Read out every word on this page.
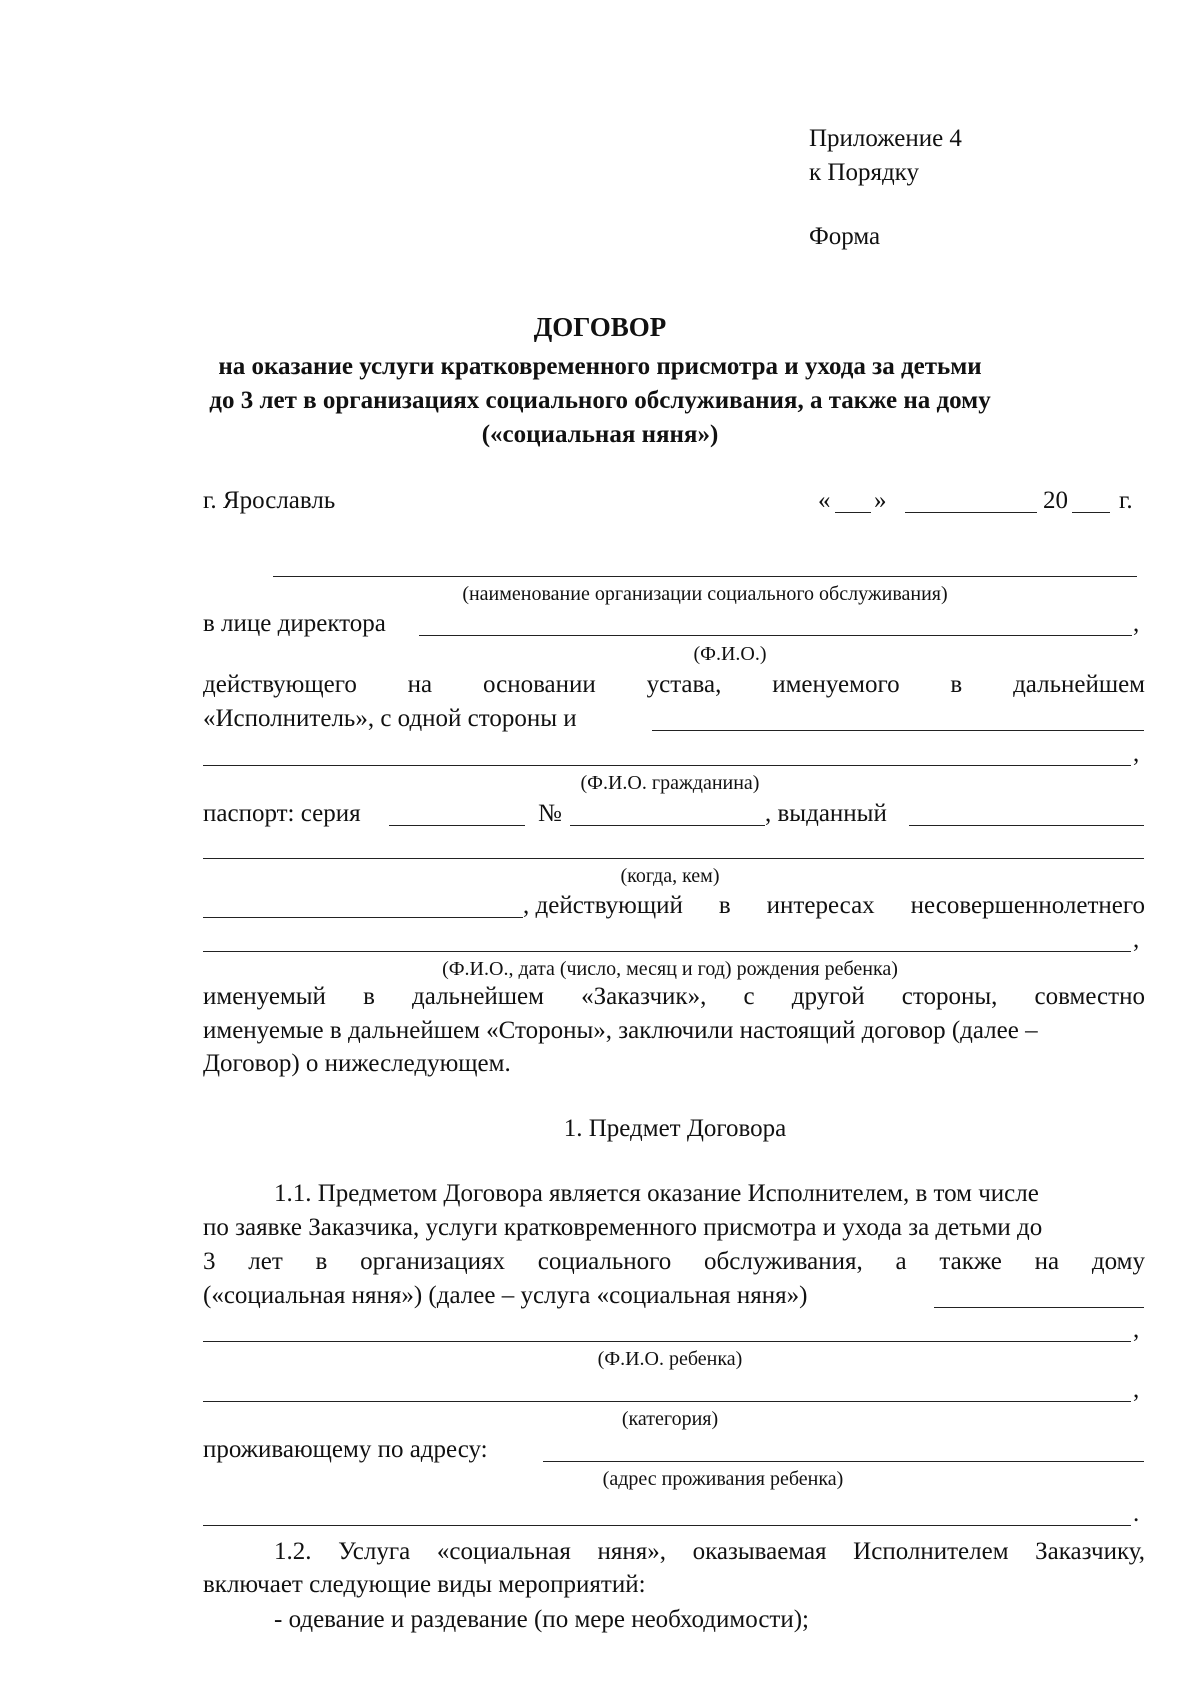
Приложение 4
к Порядку
Форма
ДОГОВОР
на оказание услуги кратковременного присмотра и ухода за детьми
до 3 лет в организациях социального обслуживания, а также на дому
(«социальная няня»)
г. Ярославль	« »	20 г.
(наименование организации социального обслуживания)
в лице директора	,
(Ф.И.О.)
действующего на основании устава, именуемого в дальнейшем
«Исполнитель», с одной стороны и
,
(Ф.И.О. гражданина)
паспорт: серия	№	, выданный
(когда, кем)
, действующий в интересах несовершеннолетнего
,
(Ф.И.О., дата (число, месяц и год) рождения ребенка)
именуемый в дальнейшем «Заказчик», с другой стороны, совместно
именуемые в дальнейшем «Стороны», заключили настоящий договор (далее –
Договор) о нижеследующем.
1. Предмет Договора
1.1. Предметом Договора является оказание Исполнителем, в том числе
по заявке Заказчика, услуги кратковременного присмотра и ухода за детьми до
3 лет в организациях социального обслуживания, а также на дому
(«социальная няня») (далее – услуга «социальная няня»)
,
(Ф.И.О. ребенка)
,
(категория)
проживающему по адресу:
(адрес проживания ребенка)
.
1.2. Услуга «социальная няня», оказываемая Исполнителем Заказчику,
включает следующие виды мероприятий:
- одевание и раздевание (по мере необходимости);
